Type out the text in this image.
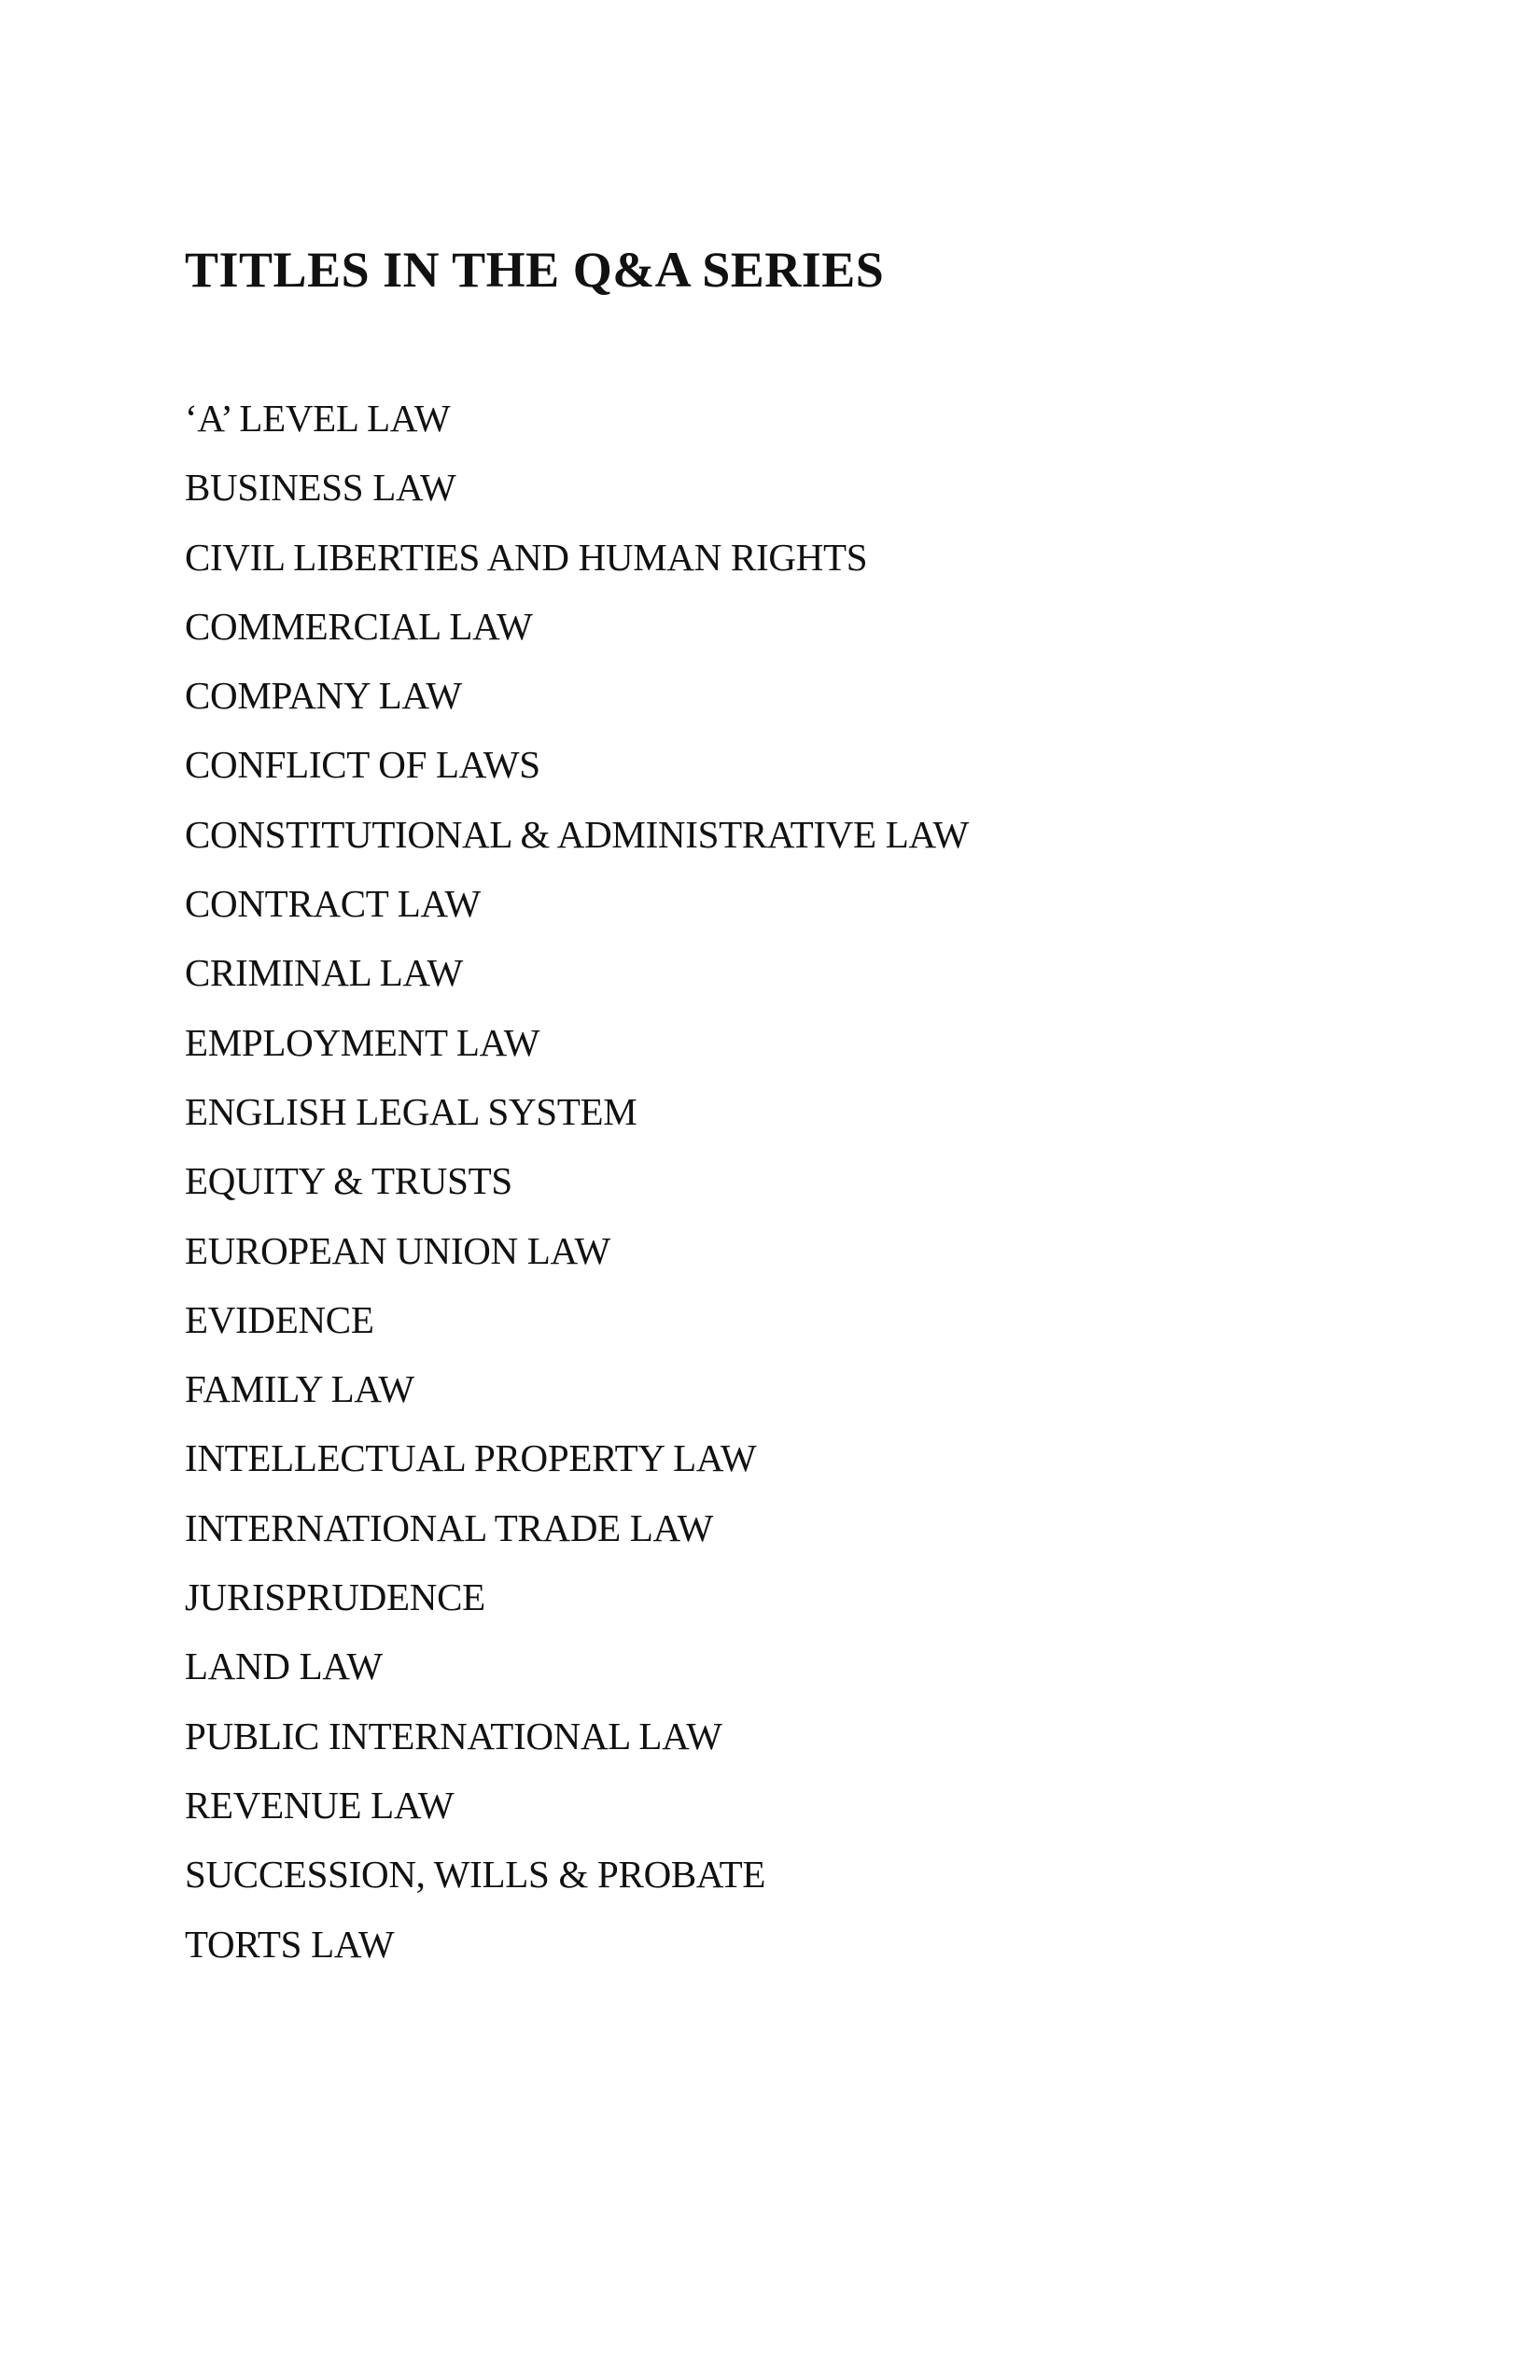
TITLES IN THE Q&A SERIES
‘A’ LEVEL LAW
BUSINESS LAW
CIVIL LIBERTIES AND HUMAN RIGHTS
COMMERCIAL LAW
COMPANY LAW
CONFLICT OF LAWS
CONSTITUTIONAL & ADMINISTRATIVE LAW
CONTRACT LAW
CRIMINAL LAW
EMPLOYMENT LAW
ENGLISH LEGAL SYSTEM
EQUITY & TRUSTS
EUROPEAN UNION LAW
EVIDENCE
FAMILY LAW
INTELLECTUAL PROPERTY LAW
INTERNATIONAL TRADE LAW
JURISPRUDENCE
LAND LAW
PUBLIC INTERNATIONAL LAW
REVENUE LAW
SUCCESSION, WILLS & PROBATE
TORTS LAW
